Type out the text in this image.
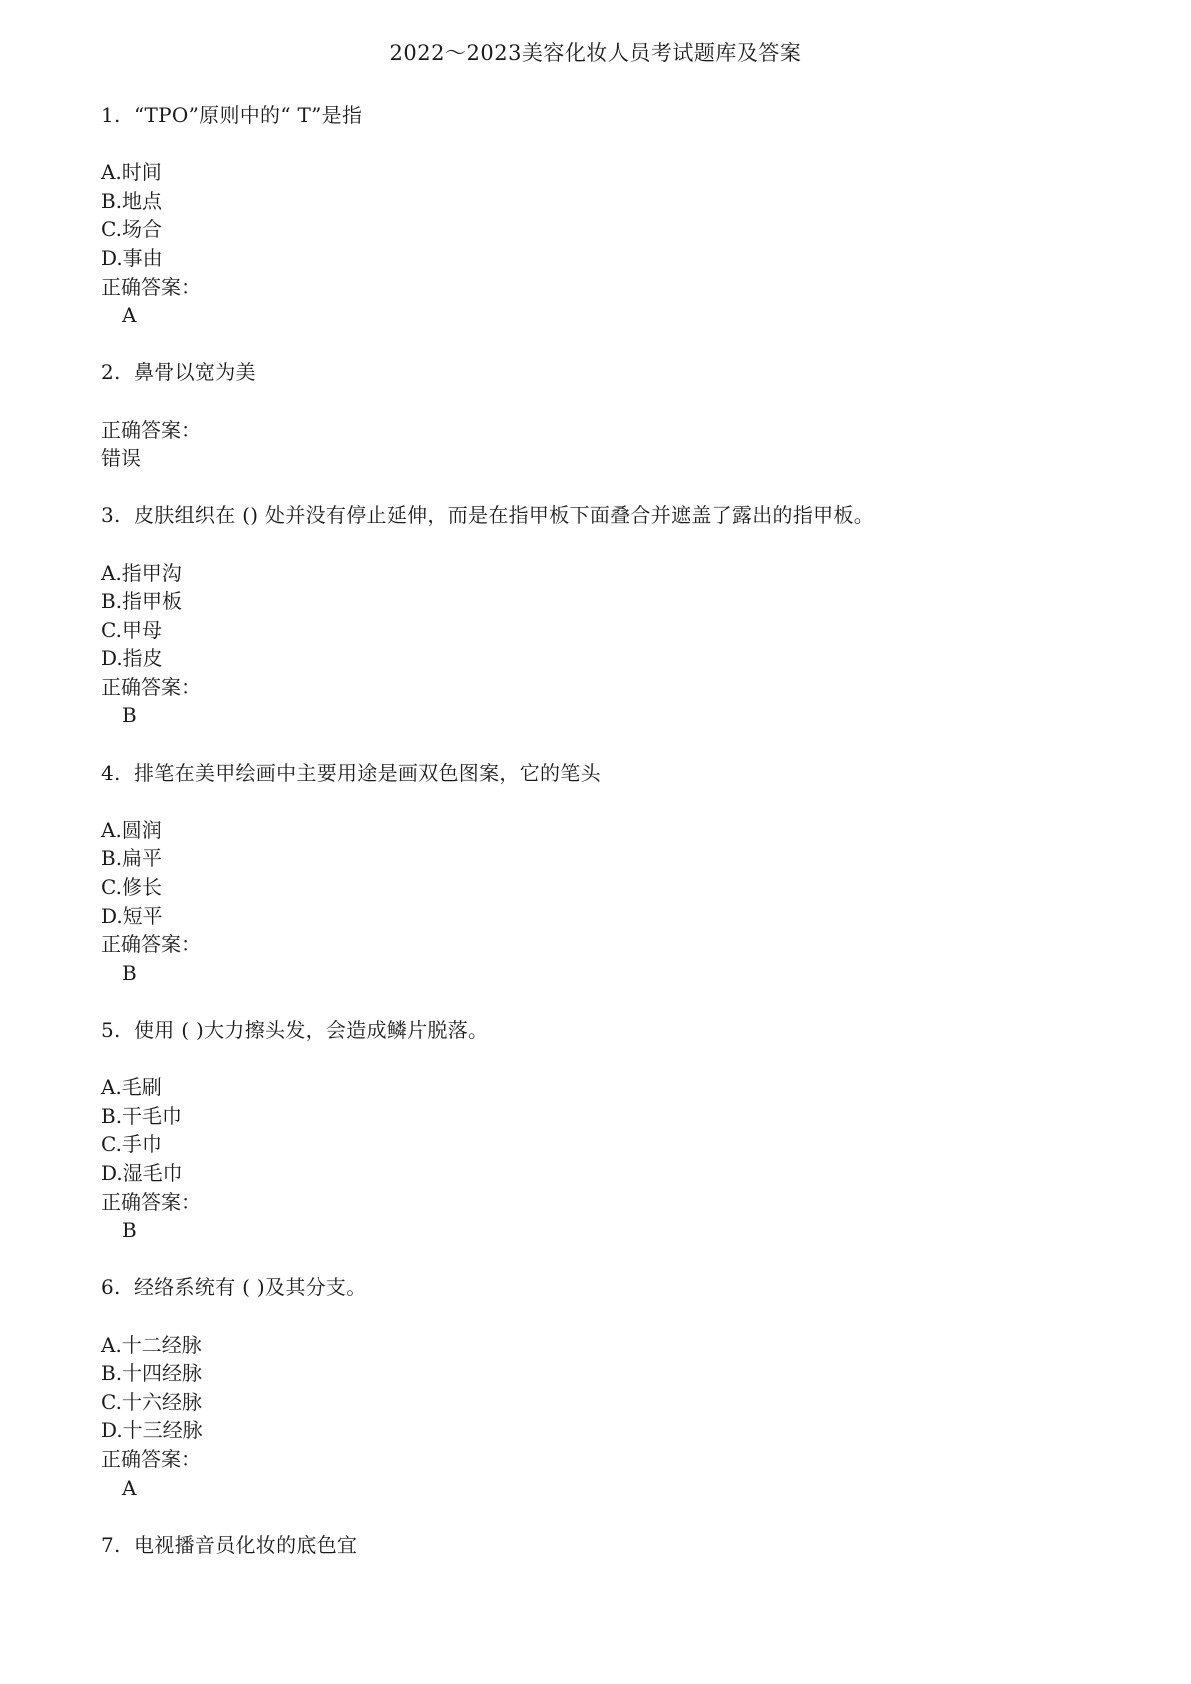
2022～2023美容化妆人员考试题库及答案
1.  “TPO”原则中的“ T”是指
A.时间
B.地点
C.场合
D.事由
正确答案：
A
2.  鼻骨以宽为美
正确答案：
错误
3.  皮肤组织在 () 处并没有停止延伸，而是在指甲板下面叠合并遮盖了露出的指甲板。
A.指甲沟
B.指甲板
C.甲母
D.指皮
正确答案：
B
4.  排笔在美甲绘画中主要用途是画双色图案，它的笔头
A.圆润
B.扁平
C.修长
D.短平
正确答案：
B
5.  使用 ( )大力擦头发，会造成鳞片脱落。
A.毛刷
B.干毛巾
C.手巾
D.湿毛巾
正确答案：
B
6.  经络系统有 ( )及其分支。
A.十二经脉
B.十四经脉
C.十六经脉
D.十三经脉
正确答案：
A
7.  电视播音员化妆的底色宜
